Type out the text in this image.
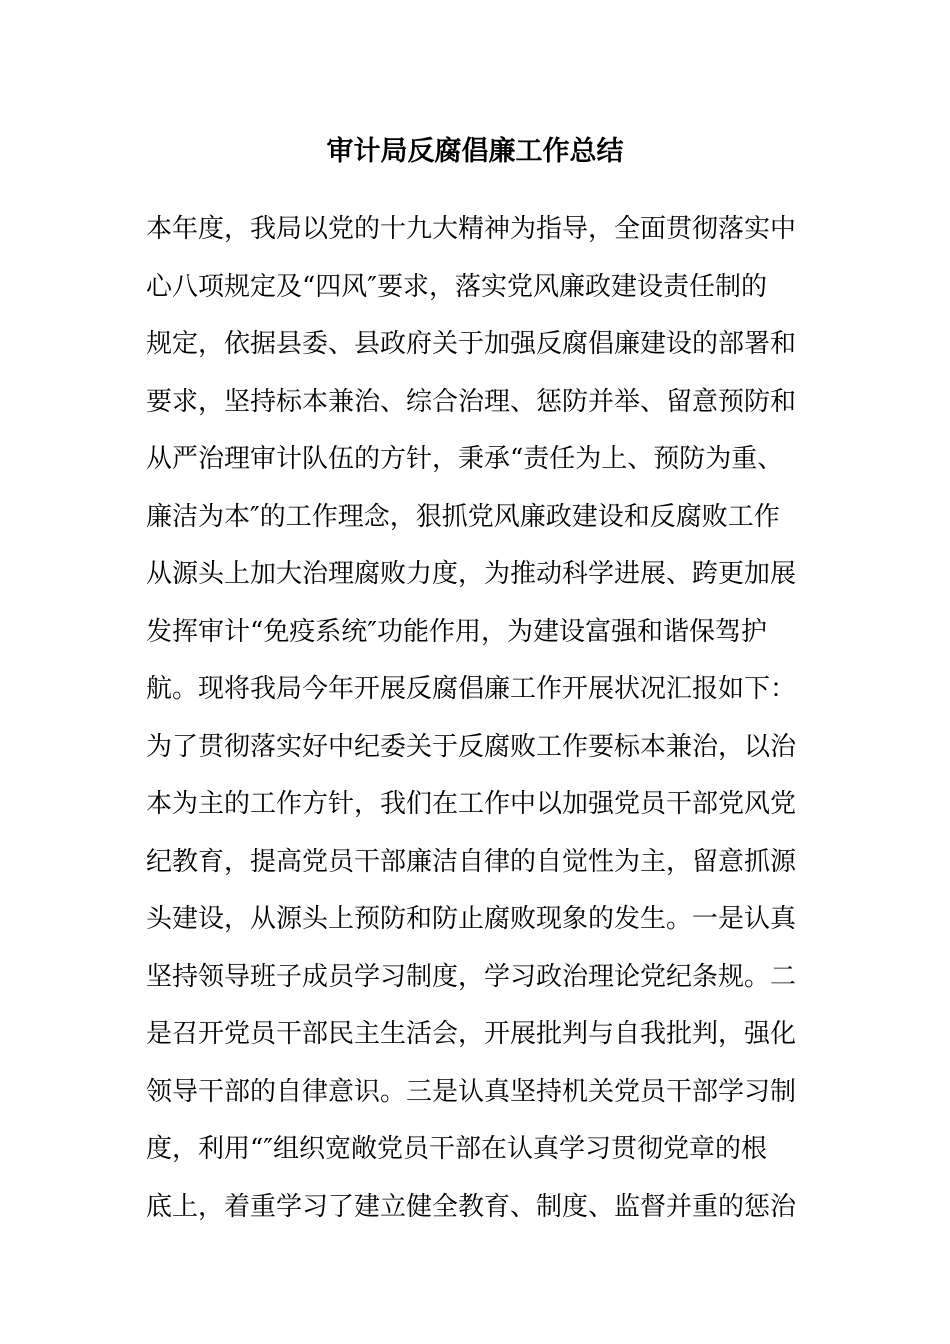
审计局反腐倡廉工作总结
本年度，我局以党的十九大精神为指导，全面贯彻落实中
心八项规定及“四风″要求，落实党风廉政建设责任制的
规定，依据县委、县政府关于加强反腐倡廉建设的部署和
要求，坚持标本兼治、综合治理、惩防并举、留意预防和
从严治理审计队伍的方针，秉承“责任为上、预防为重、
廉洁为本″的工作理念，狠抓党风廉政建设和反腐败工作
从源头上加大治理腐败力度，为推动科学进展、跨更加展
发挥审计“免疫系统″功能作用，为建设富强和谐保驾护
航。现将我局今年开展反腐倡廉工作开展状况汇报如下：
为了贯彻落实好中纪委关于反腐败工作要标本兼治，以治
本为主的工作方针，我们在工作中以加强党员干部党风党
纪教育，提高党员干部廉洁自律的自觉性为主，留意抓源
头建设，从源头上预防和防止腐败现象的发生。一是认真
坚持领导班子成员学习制度，学习政治理论党纪条规。二
是召开党员干部民主生活会，开展批判与自我批判，强化
领导干部的自律意识。三是认真坚持机关党员干部学习制
度，利用“″组织宽敞党员干部在认真学习贯彻党章的根
底上，着重学习了建立健全教育、制度、监督并重的惩治
